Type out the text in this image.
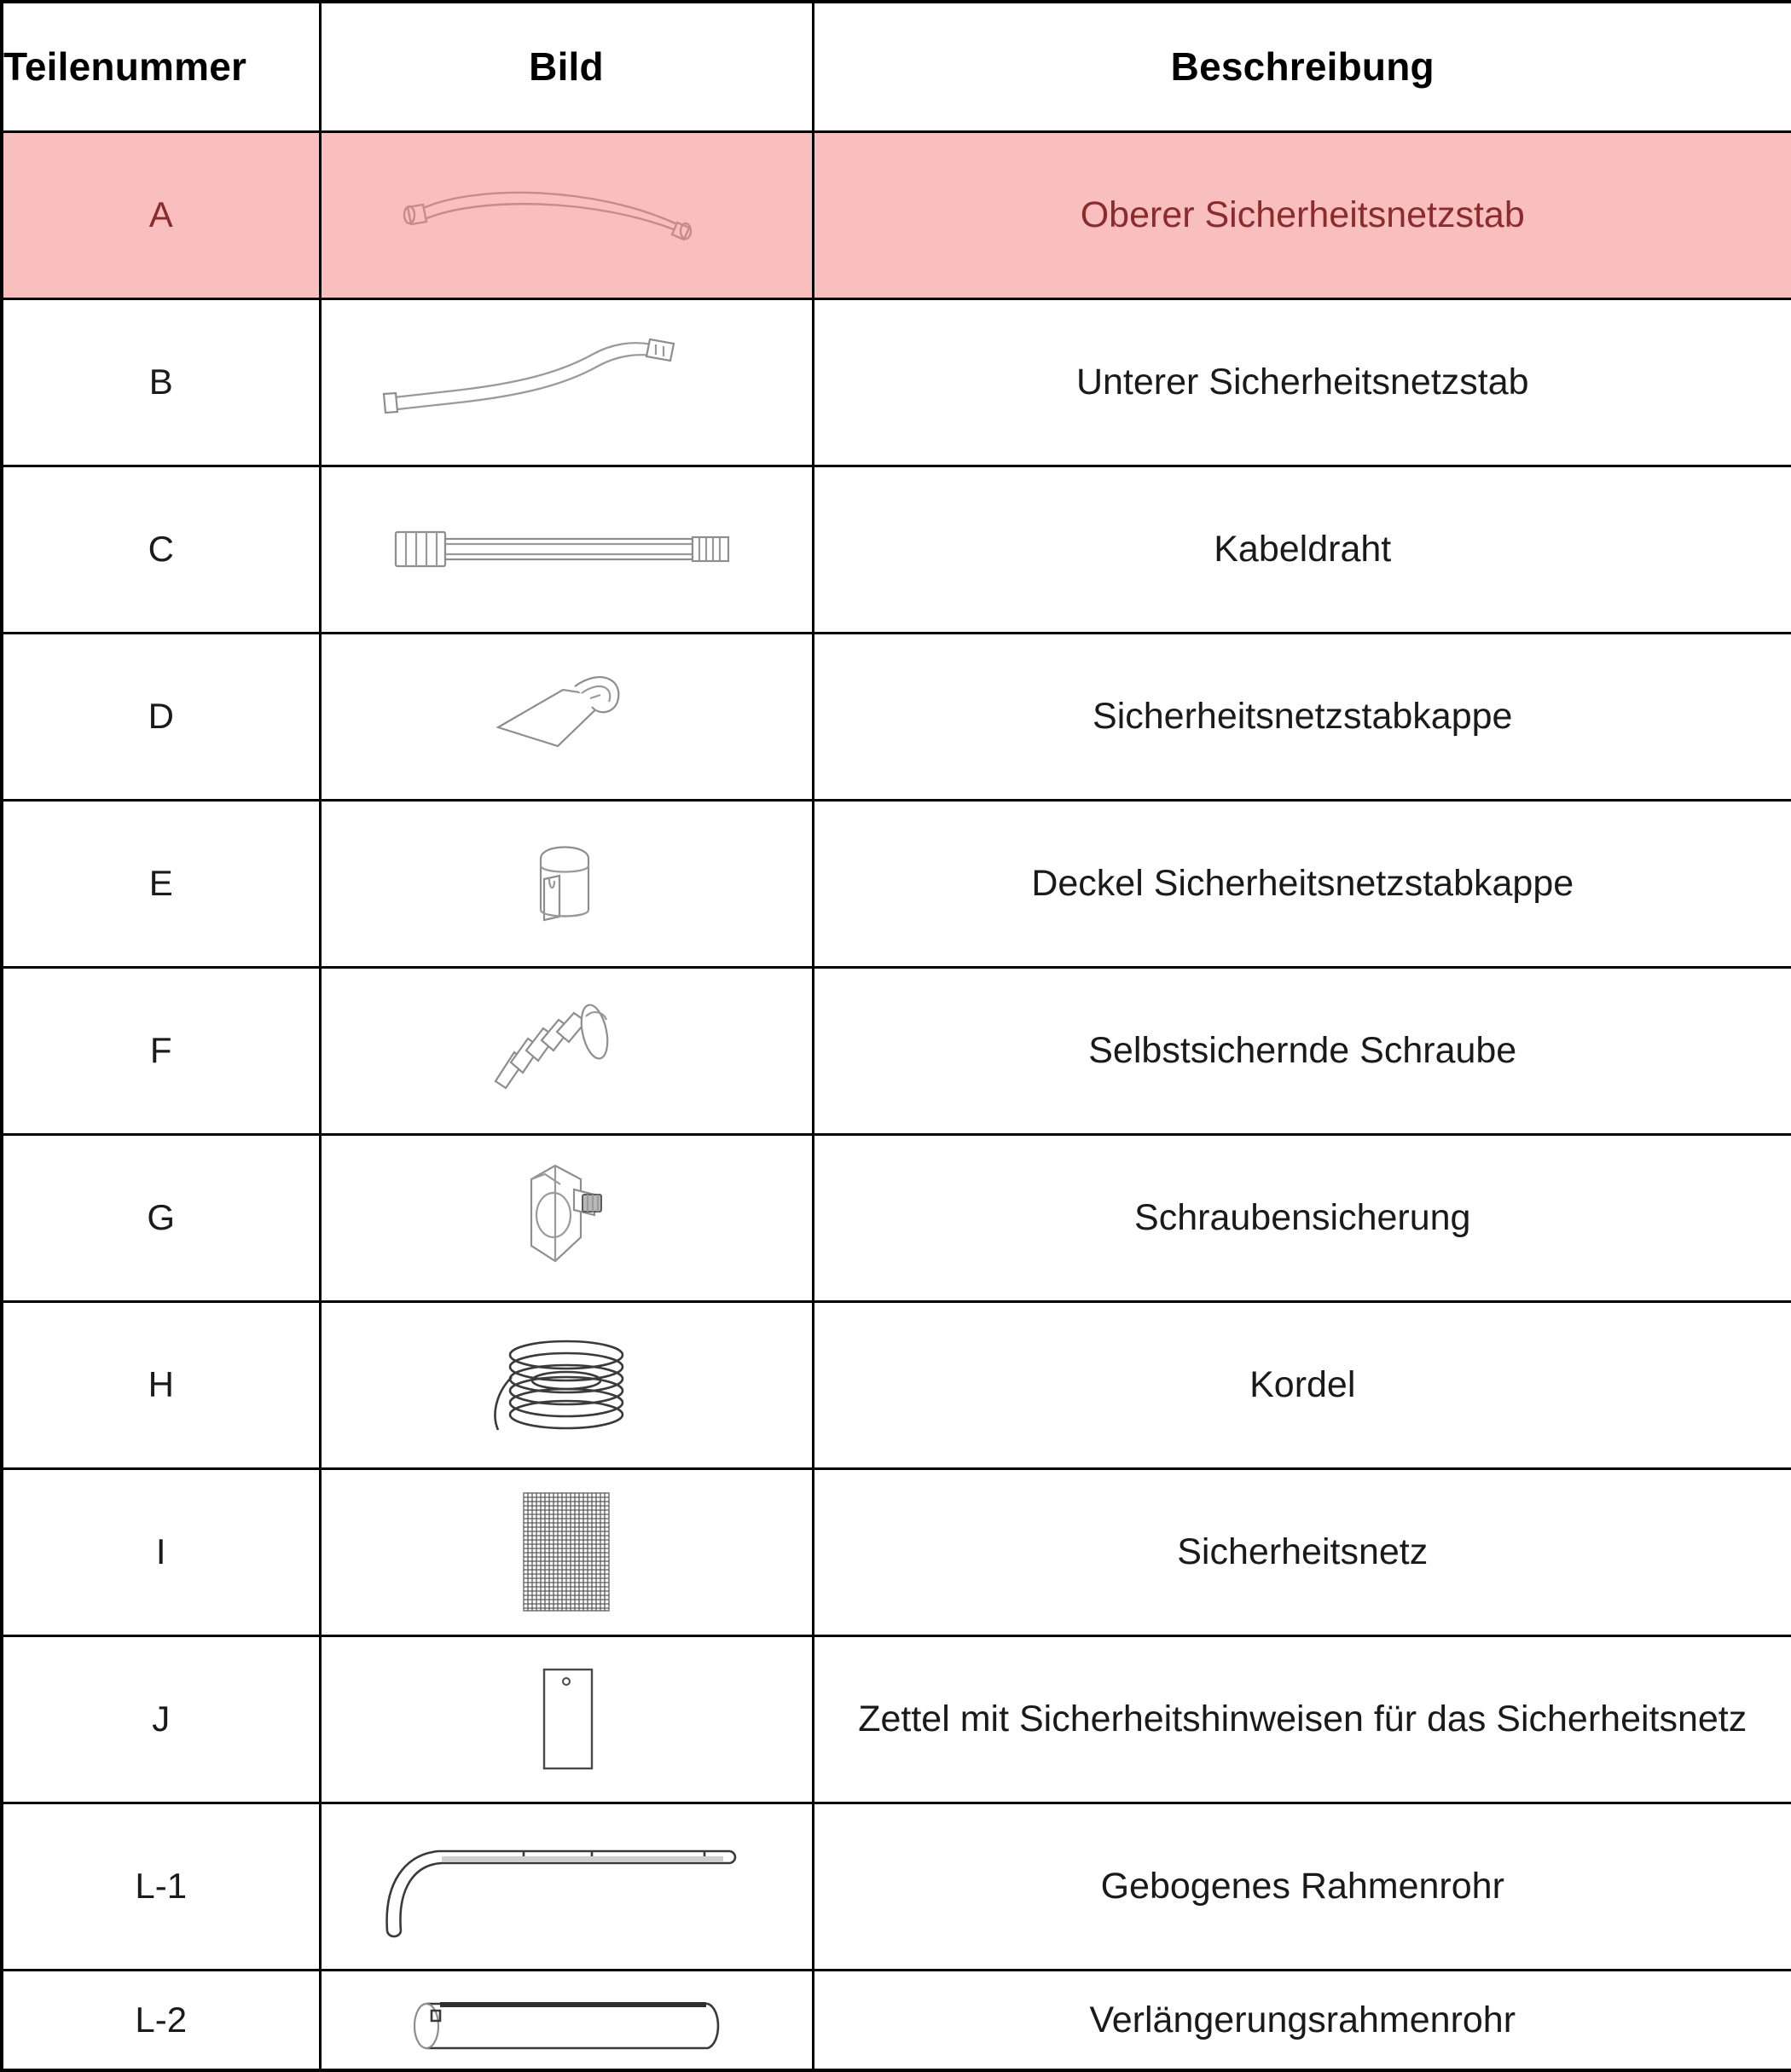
Teilenummer	Bild	Beschreibung
A		Oberer Sicherheitsnetzstab
B		Unterer Sicherheitsnetzstab
C		Kabeldraht
D		Sicherheitsnetzstabkappe
E		Deckel Sicherheitsnetzstabkappe
F		Selbstsichernde Schraube
G		Schraubensicherung
H		Kordel
I		Sicherheitsnetz
J		Zettel mit Sicherheitshinweisen für das Sicherheitsnetz
L-1		Gebogenes Rahmenrohr
L-2		Verlängerungsrahmenrohr
